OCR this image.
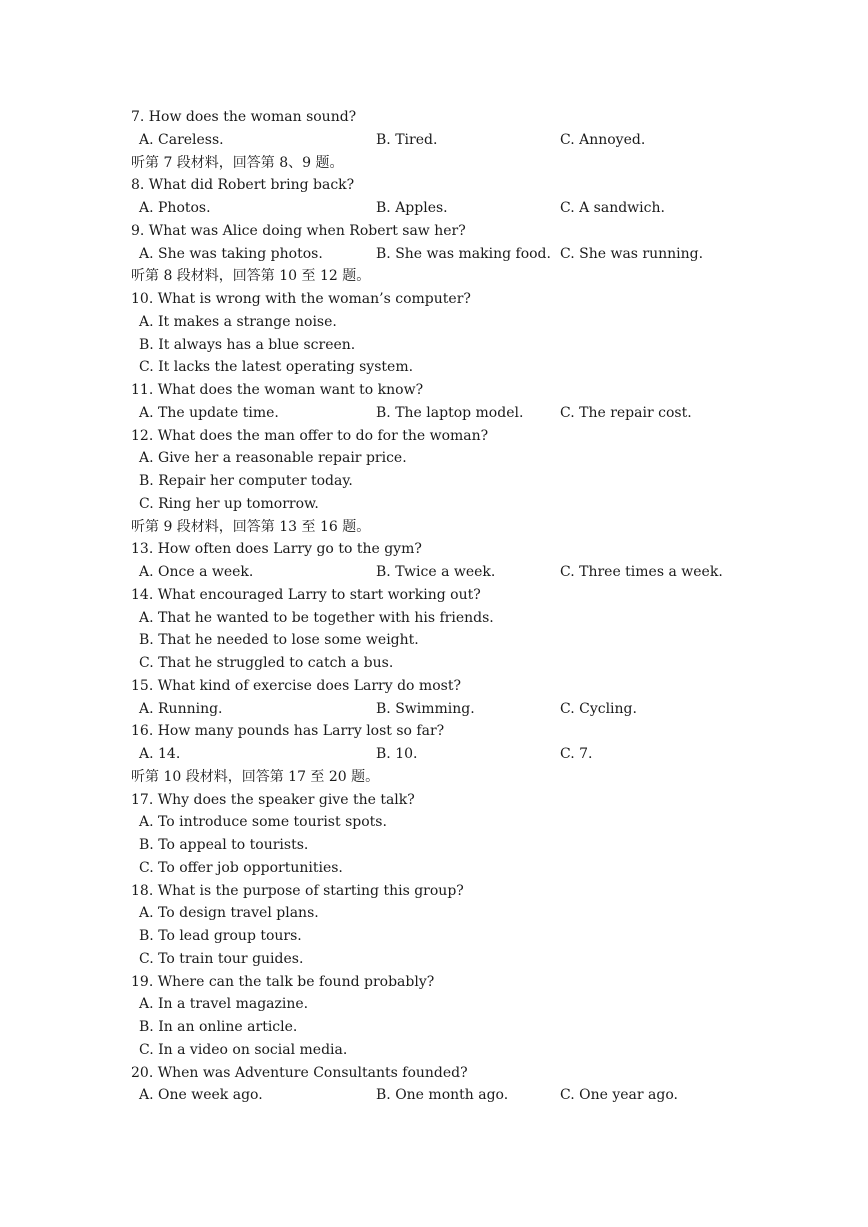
7. How does the woman sound?
A. Careless.	B. Tired.	C. Annoyed.
听第 7 段材料，回答第 8、9 题。
8. What did Robert bring back?
A. Photos.	B. Apples.	C. A sandwich.
9. What was Alice doing when Robert saw her?
A. She was taking photos.	B. She was making food. C. She was running.
听第 8 段材料，回答第 10 至 12 题。
10. What is wrong with the woman’s computer?
A. It makes a strange noise.
B. It always has a blue screen.
C. It lacks the latest operating system.
11. What does the woman want to know?
A. The update time.	B. The laptop model.	C. The repair cost.
12. What does the man offer to do for the woman?
A. Give her a reasonable repair price.
B. Repair her computer today.
C. Ring her up tomorrow.
听第 9 段材料，回答第 13 至 16 题。
13. How often does Larry go to the gym?
A. Once a week.	B. Twice a week.	C. Three times a week.
14. What encouraged Larry to start working out?
A. That he wanted to be together with his friends.
B. That he needed to lose some weight.
C. That he struggled to catch a bus.
15. What kind of exercise does Larry do most?
A. Running.	B. Swimming.	C. Cycling.
16. How many pounds has Larry lost so far?
A. 14.	B. 10.	C. 7.
听第 10 段材料，回答第 17 至 20 题。
17. Why does the speaker give the talk?
A. To introduce some tourist spots.
B. To appeal to tourists.
C. To offer job opportunities.
18. What is the purpose of starting this group?
A. To design travel plans.
B. To lead group tours.
C. To train tour guides.
19. Where can the talk be found probably?
A. In a travel magazine.
B. In an online article.
C. In a video on social media.
20. When was Adventure Consultants founded?
A. One week ago.	B. One month ago.	C. One year ago.
